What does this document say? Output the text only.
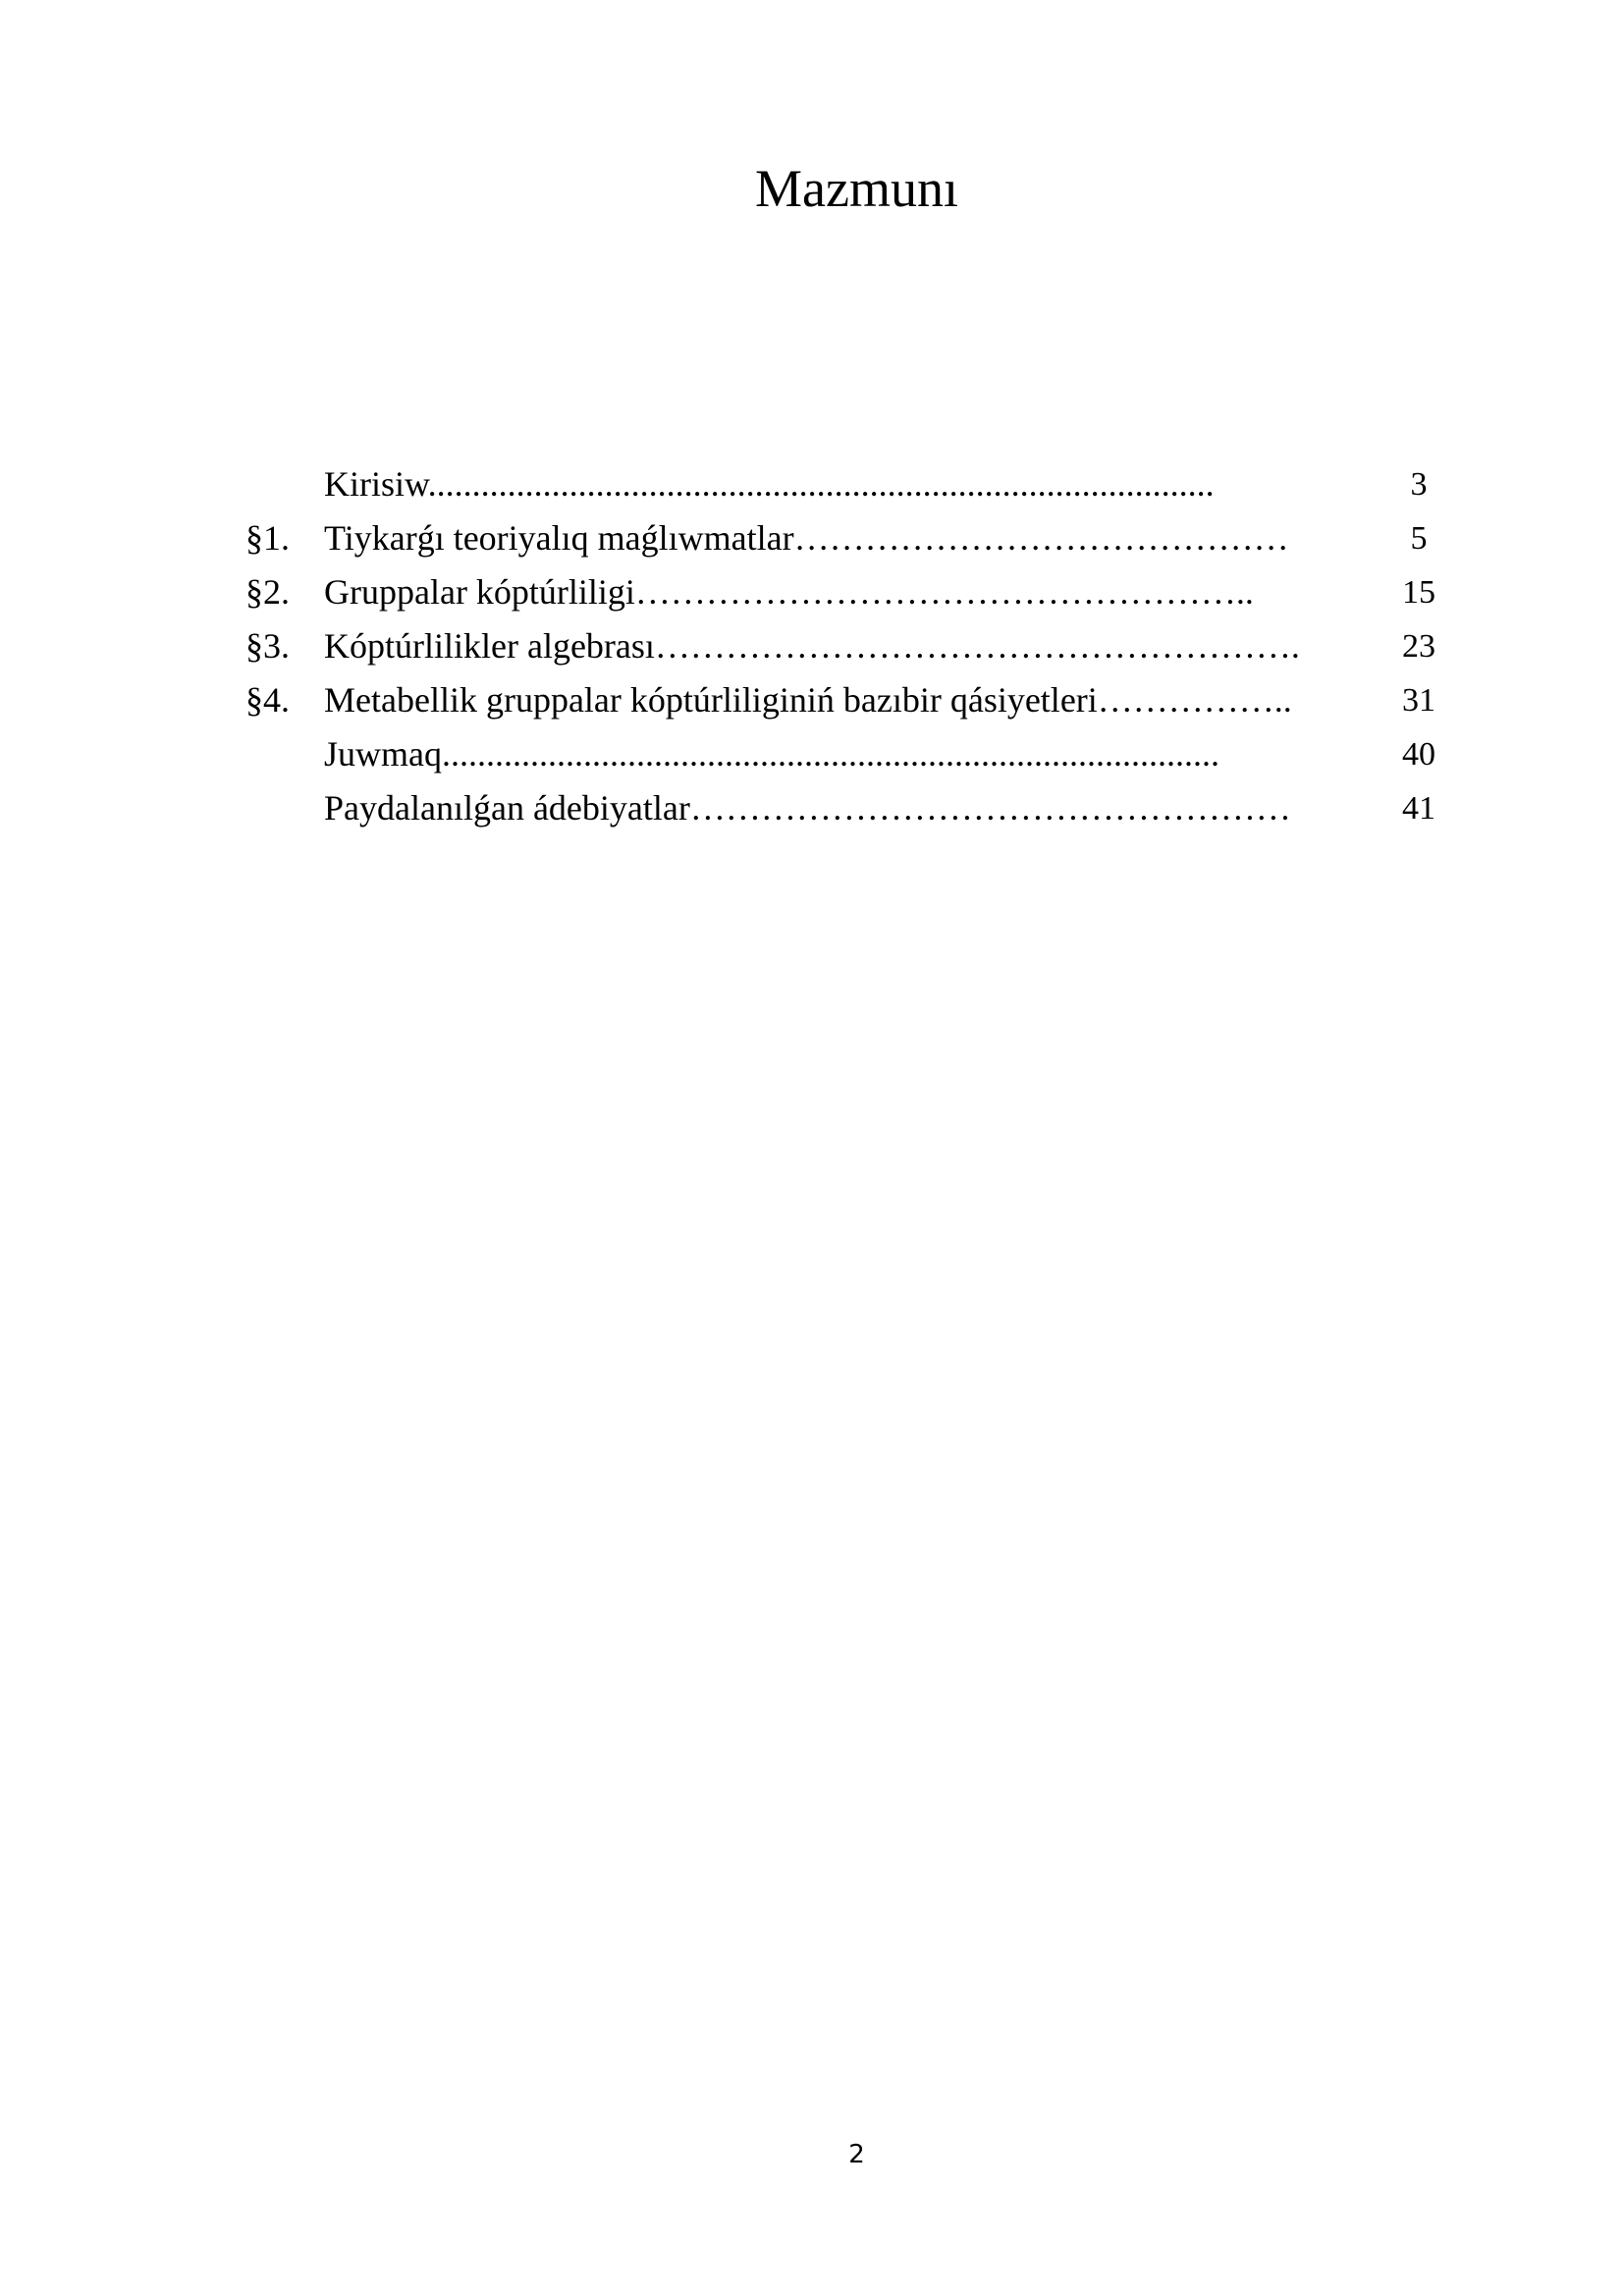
Mazmunı
Kirisiw.........................................................................................	3
§1. Tiykarǵı teoriyalıq maǵlıwmatlar……………………………………	5
§2. Gruppalar kóptúrliligi……………………………………………..	15
§3. Kóptúrlilikler algebrası……………………………………………….	23
§4. Metabellik gruppalar kóptúrliliginiń bazıbir qásiyetleri……………..	31
Juwmaq........................................................................................	40
Paydalanılǵan ádebiyatlar……………………………………………	41
2
